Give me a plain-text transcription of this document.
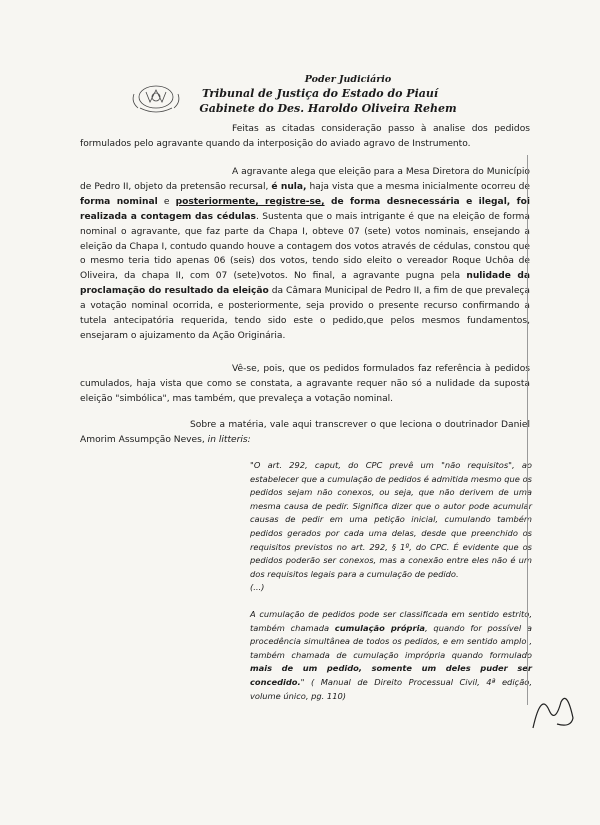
Poder Judiciário
Tribunal de Justiça do Estado do Piauí
Gabinete do Des. Haroldo Oliveira Rehem

Feitas as citadas consideração passo à analise dos pedidos formulados pelo agravante quando da interposição do aviado agravo de Instrumento.

A agravante alega que eleição para a Mesa Diretora do Município de Pedro II, objeto da pretensão recursal, é nula, haja vista que a mesma inicialmente ocorreu de forma nominal e posteriormente, registre-se, de forma desnecessária e ilegal, foi realizada a contagem das cédulas. Sustenta que o mais intrigante é que na eleição de forma nominal o agravante, que faz parte da Chapa I, obteve 07 (sete) votos nominais, ensejando a eleição da Chapa I, contudo quando houve a contagem dos votos através de cédulas, constou que o mesmo teria tido apenas 06 (seis) dos votos, tendo sido eleito o vereador Roque Uchôa de Oliveira, da chapa II, com 07 (sete)votos. No final, a agravante pugna pela nulidade da proclamação do resultado da eleição da Câmara Municipal de Pedro II, a fim de que prevaleça a votação nominal ocorrida, e posteriormente, seja provido o presente recurso confirmando a tutela antecipatória requerida, tendo sido este o pedido,que pelos mesmos fundamentos, ensejaram o ajuizamento da Ação Originária.

Vê-se, pois, que os pedidos formulados faz referência à pedidos cumulados, haja vista que como se constata, a agravante requer não só a nulidade da suposta eleição "simbólica", mas também, que prevaleça a votação nominal.

Sobre a matéria, vale aqui transcrever o que leciona o doutrinador Daniel Amorim Assumpção Neves, in litteris:

"O art. 292, caput, do CPC prevê um "não requisitos", ao estabelecer que a cumulação de pedidos é admitida mesmo que os pedidos sejam não conexos, ou seja, que não derivem de uma mesma causa de pedir. Significa dizer que o autor pode acumular causas de pedir em uma petição inicial, cumulando também pedidos gerados por cada uma delas, desde que preenchido os requisitos previstos no art. 292, § 1º, do CPC. É evidente que os pedidos poderão ser conexos, mas a conexão entre eles não é um dos requisitos legais para a cumulação de pedido.

(...)

A cumulação de pedidos pode ser classificada em sentido estrito, também chamada cumulação própria, quando for possível a procedência simultânea de todos os pedidos, e em sentido amplo , também chamada de cumulação imprópria quando formulado mais de um pedido, somente um deles puder ser concedido." ( Manual de Direito Processual Civil, 4ª edição, volume único, pg. 110)
